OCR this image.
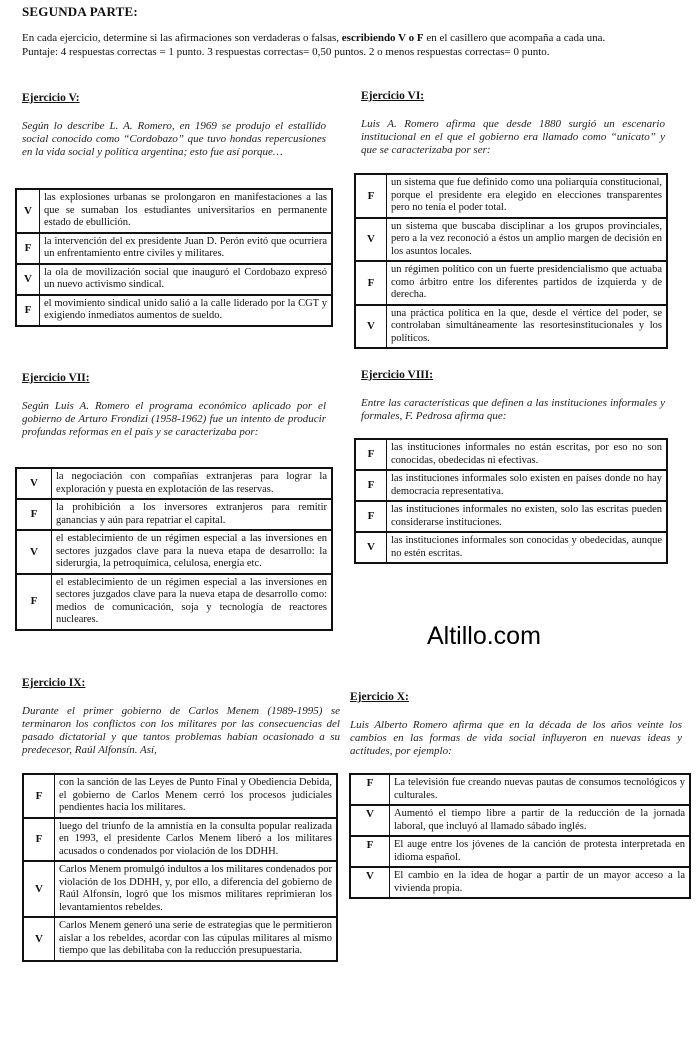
SEGUNDA PARTE:
En cada ejercicio, determine si las afirmaciones son verdaderas o falsas, escribiendo V o F en el casillero que acompaña a cada una.
Puntaje: 4 respuestas correctas = 1 punto. 3 respuestas correctas= 0,50 puntos. 2 o menos respuestas correctas= 0 punto.
Ejercicio V:
Según lo describe L. A. Romero, en 1969 se produjo el estallido social conocido como “Cordobazo” que tuvo hondas repercusiones en la vida social y política argentina; esto fue así porque…
V	las explosiones urbanas se prolongaron en manifestaciones a las que se sumaban los estudiantes universitarios en permanente estado de ebullición.
F	la intervención del ex presidente Juan D. Perón evitó que ocurriera un enfrentamiento entre civiles y militares.
V	la ola de movilización social que inauguró el Cordobazo expresó un nuevo activismo sindical.
F	el movimiento sindical unido salió a la calle liderado por la CGT y exigiendo inmediatos aumentos de sueldo.
Ejercicio VI:
Luis A. Romero afirma que desde 1880 surgió un escenario institucional en el que el gobierno era llamado como “unicato” y que se caracterizaba por ser:
F	un sistema que fue definido como una poliarquía constitucional, porque el presidente era elegido en elecciones transparentes pero no tenía el poder total.
V	un sistema que buscaba disciplinar a los grupos provinciales, pero a la vez reconoció a éstos un amplio margen de decisión en los asuntos locales.
F	un régimen político con un fuerte presidencialismo que actuaba como árbitro entre los diferentes partidos de izquierda y de derecha.
V	una práctica política en la que, desde el vértice del poder, se controlaban simultáneamente las resortesinstitucionales y los políticos.
Ejercicio VII:
Según Luis A. Romero el programa económico aplicado por el gobierno de Arturo Frondizi (1958-1962) fue un intento de producir profundas reformas en el país y se caracterizaba por:
V	la negociación con compañías extranjeras para lograr la exploración y puesta en explotación de las reservas.
F	la prohibición a los inversores extranjeros para remitir ganancias y aún para repatriar el capital.
V	el establecimiento de un régimen especial a las inversiones en sectores juzgados clave para la nueva etapa de desarrollo: la siderurgia, la petroquímica, celulosa, energía etc.
F	el establecimiento de un régimen especial a las inversiones en sectores juzgados clave para la nueva etapa de desarrollo como: medios de comunicación, soja y tecnología de reactores nucleares.
Ejercicio VIII:
Entre las características que definen a las instituciones informales y formales, F. Pedrosa afirma que:
F	las instituciones informales no están escritas, por eso no son conocidas, obedecidas ni efectivas.
F	las instituciones informales solo existen en países donde no hay democracia representativa.
F	las instituciones informales no existen, solo las escritas pueden considerarse instituciones.
V	las instituciones informales son conocidas y obedecidas, aunque no estén escritas.
Altillo.com
Ejercicio IX:
Durante el primer gobierno de Carlos Menem (1989-1995) se terminaron los conflictos con los militares por las consecuencias del pasado dictatorial y que tantos problemas habían ocasionado a su predecesor, Raúl Alfonsín. Así,
F	con la sanción de las Leyes de Punto Final y Obediencia Debida, el gobierno de Carlos Menem cerró los procesos judiciales pendientes hacia los militares.
F	luego del triunfo de la amnistía en la consulta popular realizada en 1993, el presidente Carlos Menem liberó a los militares acusados o condenados por violación de los DDHH.
V	Carlos Menem promulgó indultos a los militares condenados por violación de los DDHH, y, por ello, a diferencia del gobierno de Raúl Alfonsín, logró que los mismos militares reprimieran los levantamientos rebeldes.
V	Carlos Menem generó una serie de estrategias que le permitieron aislar a los rebeldes, acordar con las cúpulas militares al mismo tiempo que las debilitaba con la reducción presupuestaria.
Ejercicio X:
Luis Alberto Romero afirma que en la década de los años veinte los cambios en las formas de vida social influyeron en nuevas ideas y actitudes, por ejemplo:
F	La televisión fue creando nuevas pautas de consumos tecnológicos y culturales.
V	Aumentó el tiempo libre a partir de la reducción de la jornada laboral, que incluyó al llamado sábado inglés.
F	El auge entre los jóvenes de la canción de protesta interpretada en idioma español.
V	El cambio en la idea de hogar a partir de un mayor acceso a la vivienda propia.
